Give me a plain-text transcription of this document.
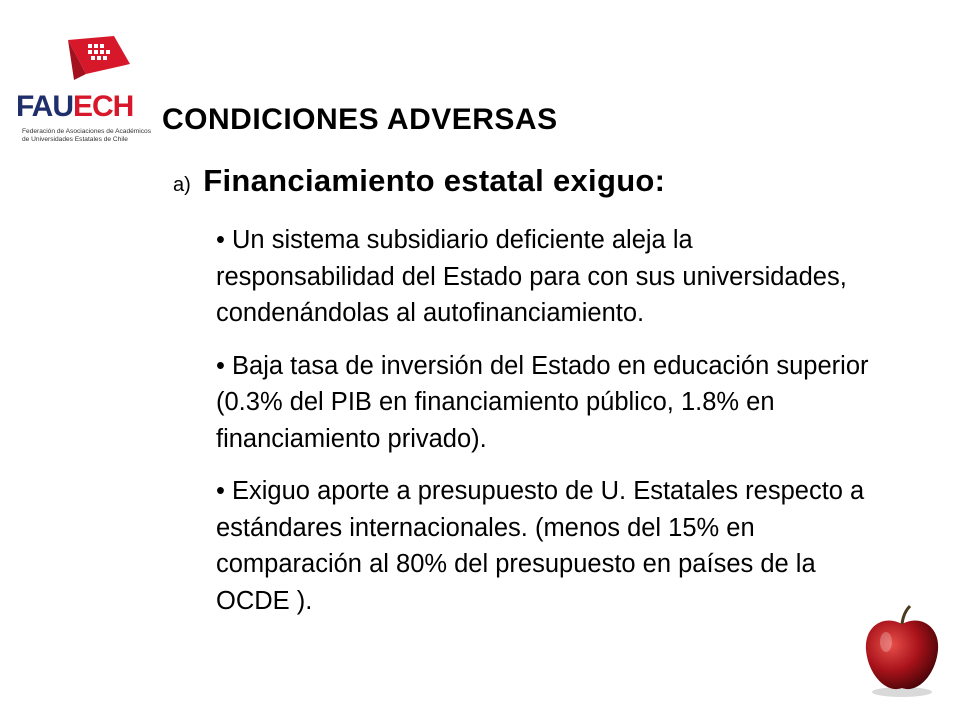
FAUECH
Federación de Asociaciones de Académicos
de Universidades Estatales de Chile
CONDICIONES ADVERSAS
a) Financiamiento estatal exiguo:
• Un sistema subsidiario deficiente aleja la responsabilidad del Estado para con sus universidades, condenándolas al autofinanciamiento.
• Baja tasa de inversión del Estado en educación superior (0.3% del PIB en financiamiento público, 1.8% en financiamiento privado).
• Exiguo aporte a presupuesto de U. Estatales respecto a estándares internacionales. (menos del 15% en comparación al 80% del presupuesto en países de la OCDE ).
